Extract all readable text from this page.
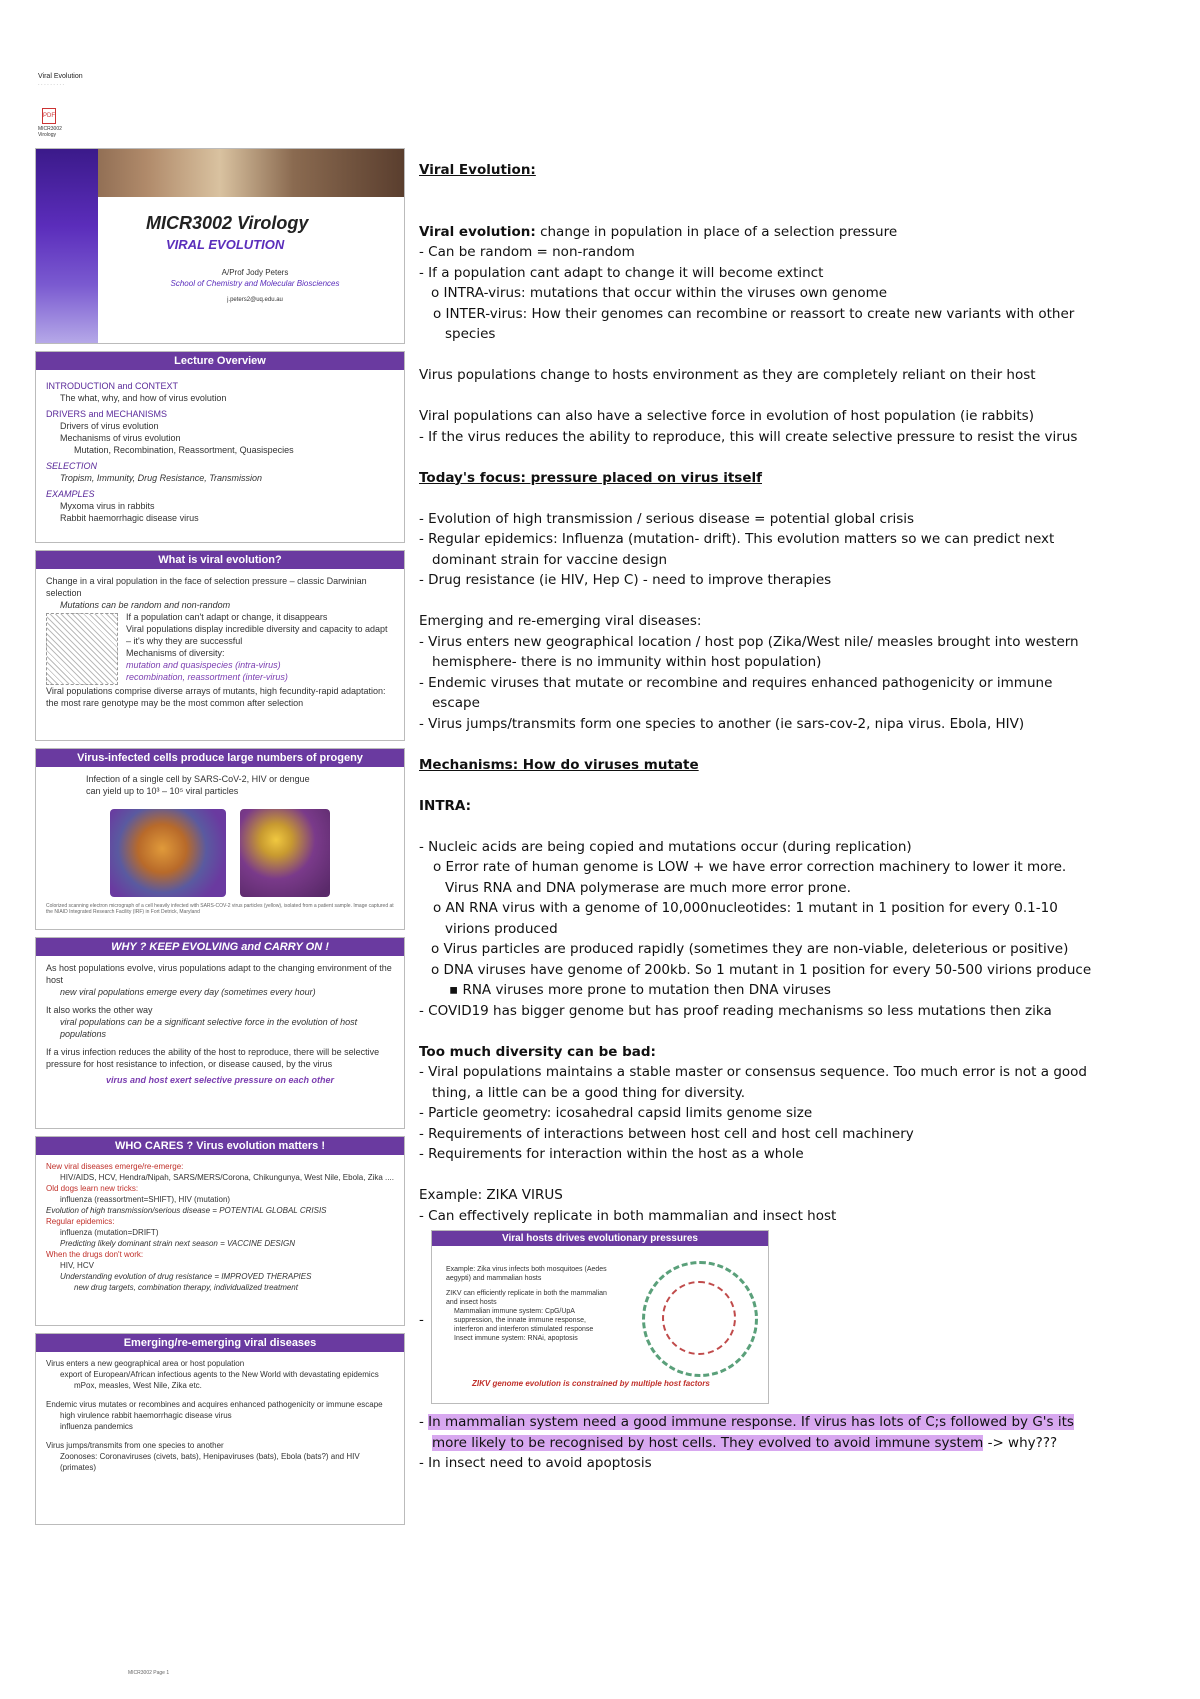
Viral Evolution
· · · · · · · · ·
PDF
MICR3002
Virology
MICR3002 Virology
VIRAL EVOLUTION
A/Prof Jody Peters
School of Chemistry and Molecular Biosciences
j.peters2@uq.edu.au
Lecture Overview
INTRODUCTION and CONTEXT
The what, why, and how of virus evolution
DRIVERS and MECHANISMS
Drivers of virus evolution
Mechanisms of virus evolution
Mutation, Recombination, Reassortment, Quasispecies
SELECTION
Tropism, Immunity, Drug Resistance, Transmission
EXAMPLES
Myxoma virus in rabbits
Rabbit haemorrhagic disease virus
What is viral evolution?
Change in a viral population in the face of selection pressure – classic Darwinian selection
Mutations can be random and non-random
If a population can't adapt or change, it disappears
Viral populations display incredible diversity and capacity to adapt – it's why they are successful
Mechanisms of diversity:
mutation and quasispecies (intra-virus)
recombination, reassortment (inter-virus)
Viral populations comprise diverse arrays of mutants, high fecundity-rapid adaptation: the most rare genotype may be the most common after selection
Virus-infected cells produce large numbers of progeny
Infection of a single cell by SARS-CoV-2, HIV or dengue
can yield up to 10³ – 10⁵ viral particles
Colorized scanning electron micrograph of a cell heavily infected with SARS-COV-2 virus particles (yellow), isolated from a patient sample. Image captured at the NIAID Integrated Research Facility (IRF) in Fort Detrick, Maryland
WHY ? KEEP EVOLVING and CARRY ON !
As host populations evolve, virus populations adapt to the changing environment of the host
new viral populations emerge every day (sometimes every hour)
It also works the other way
viral populations can be a significant selective force in the evolution of host populations
If a virus infection reduces the ability of the host to reproduce, there will be selective pressure for host resistance to infection, or disease caused, by the virus
virus and host exert selective pressure on each other
WHO CARES ? Virus evolution matters !
New viral diseases emerge/re-emerge:
HIV/AIDS, HCV, Hendra/Nipah, SARS/MERS/Corona, Chikungunya, West Nile, Ebola, Zika ....
Old dogs learn new tricks:
influenza (reassortment=SHIFT), HIV (mutation)
Evolution of high transmission/serious disease = POTENTIAL GLOBAL CRISIS
Regular epidemics:
influenza (mutation=DRIFT)
Predicting likely dominant strain next season = VACCINE DESIGN
When the drugs don't work:
HIV, HCV
Understanding evolution of drug resistance = IMPROVED THERAPIES
new drug targets, combination therapy, individualized treatment
Emerging/re-emerging viral diseases
Virus enters a new geographical area or host population
export of European/African infectious agents to the New World with devastating epidemics
mPox, measles, West Nile, Zika etc.
Endemic virus mutates or recombines and acquires enhanced pathogenicity or immune escape
high virulence rabbit haemorrhagic disease virus
influenza pandemics
Virus jumps/transmits from one species to another
Zoonoses: Coronaviruses (civets, bats), Henipaviruses (bats), Ebola (bats?) and HIV (primates)

Viral Evolution:

Viral evolution: change in population in place of a selection pressure

- Can be random = non-random

- If a population cant adapt to change it will become extinct

o INTRA-virus: mutations that occur within the viruses own genome

o INTER-virus: How their genomes can recombine or reassort to create new variants with other species

Virus populations change to hosts environment as they are completely reliant on their host

Viral populations can also have a selective force in evolution of host population (ie rabbits)

- If the virus reduces the ability to reproduce, this will create selective pressure to resist the virus

Today's focus: pressure placed on virus itself

- Evolution of high transmission / serious disease = potential global crisis

- Regular epidemics: Influenza (mutation- drift). This evolution matters so we can predict next dominant strain for vaccine design

- Drug resistance (ie HIV, Hep C) - need to improve therapies

Emerging and re-emerging viral diseases:

- Virus enters new geographical location / host pop (Zika/West nile/ measles brought into western hemisphere- there is no immunity within host population)

- Endemic viruses that mutate or recombine and requires enhanced pathogenicity or immune escape

- Virus jumps/transmits form one species to another (ie sars-cov-2, nipa virus. Ebola, HIV)

Mechanisms: How do viruses mutate

INTRA:

- Nucleic acids are being copied and mutations occur (during replication)

o Error rate of human genome is LOW + we have error correction machinery to lower it more. Virus RNA and DNA polymerase are much more error prone.

o AN RNA virus with a genome of 10,000nucleotides: 1 mutant in 1 position for every 0.1-10 virions produced

o Virus particles are produced rapidly (sometimes they are non-viable, deleterious or positive)

o DNA viruses have genome of 200kb. So 1 mutant in 1 position for every 50-500 virions produce

▪ RNA viruses more prone to mutation then DNA viruses

- COVID19 has bigger genome but has proof reading mechanisms so less mutations then zika

Too much diversity can be bad:

- Viral populations maintains a stable master or consensus sequence. Too much error is not a good thing, a little can be a good thing for diversity.

- Particle geometry: icosahedral capsid limits genome size

- Requirements of interactions between host cell and host cell machinery

- Requirements for interaction within the host as a whole

Example: ZIKA VIRUS

- Can effectively replicate in both mammalian and insect host

-
Viral hosts drives evolutionary pressures
Example: Zika virus infects both mosquitoes (Aedes aegypti) and mammalian hosts
ZIKV can efficiently replicate in both the mammalian and insect hosts
Mammalian immune system: CpG/UpA suppression, the innate immune response, interferon and interferon stimulated response
Insect immune system: RNAi, apoptosis
ZIKV genome evolution is constrained by multiple host factors

- In mammalian system need a good immune response. If virus has lots of C;s followed by G's its more likely to be recognised by host cells. They evolved to avoid immune system -> why???

- In insect need to avoid apoptosis

MICR3002 Page 1
